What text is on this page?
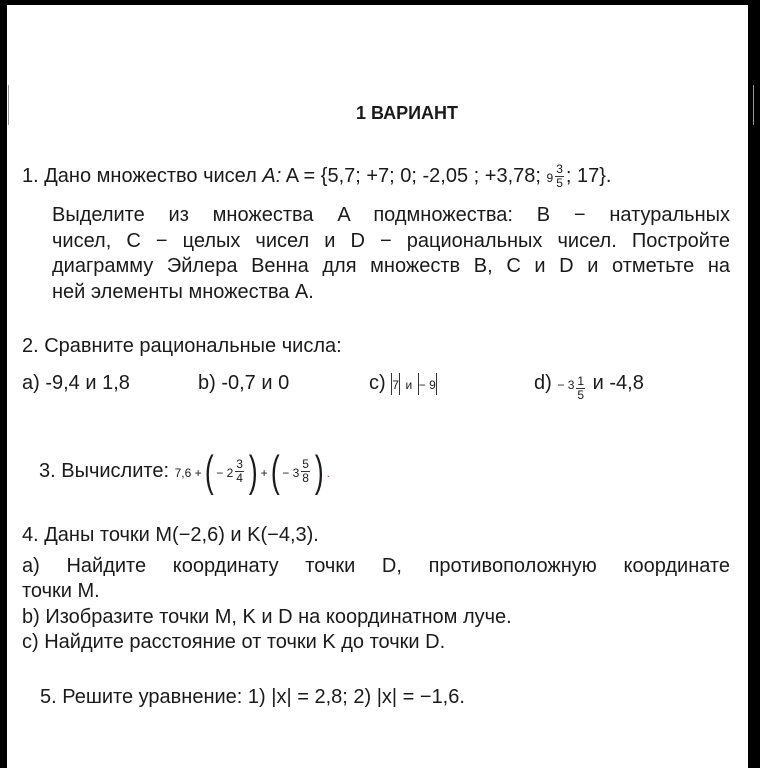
1 ВАРИАНТ
1. Дано множество чисел A: A = {5,7; +7; 0; -2,05 ; +3,78; $9 \frac{3}{5}$ ; 17}.
Выделите из множества A подмножества: B − натуральных
чисел, C − целых чисел и D − рациональных чисел. Постройте
диаграмму Эйлера Венна для множеств B, C и D и отметьте на
ней элементы множества A.
2. Сравните рациональные числа:
a) -9,4 и 1,8	b) -0,7 и 0	c) 7 и − 9	$d) - 3 \frac{1}{5}$ и -4,8
3. Вычислите: 7,6 +( − $2 \frac{3}{4}$ ) +( − $3 \frac{5}{8}$ ) .
4. Даны точки M(−2,6) и K(−4,3).
a) Найдите координату точки D, противоположную координате
точки M.
b) Изобразите точки M, K и D на координатном луче.
c) Найдите расстояние от точки K до точки D.
5. Решите уравнение: 1) |x| = 2,8; 2) |x| = −1,6.
